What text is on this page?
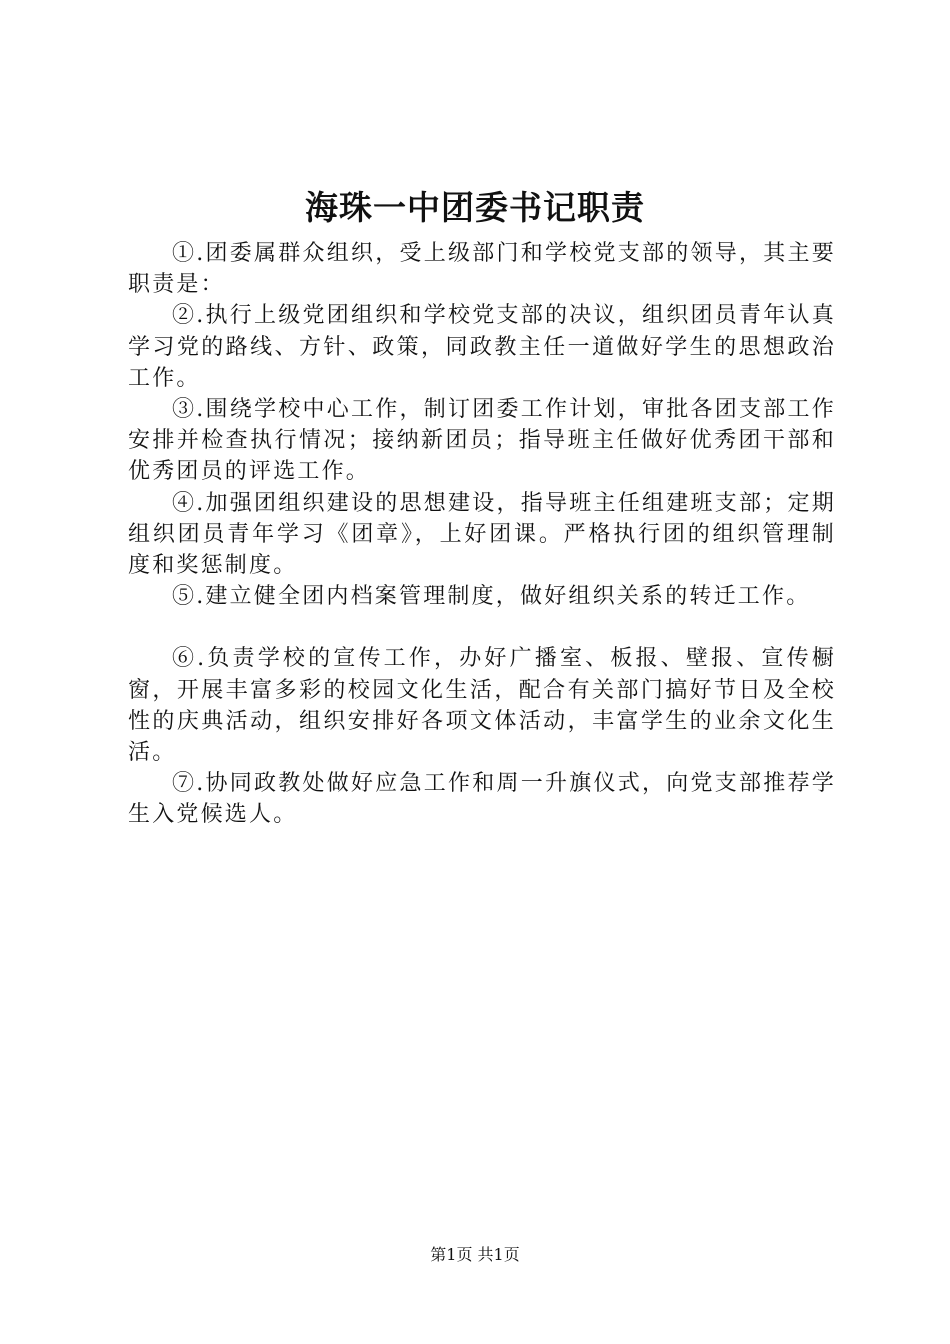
海珠一中团委书记职责

①.团委属群众组织，受上级部门和学校党支部的领导，其主要职责是：

②.执行上级党团组织和学校党支部的决议，组织团员青年认真学习党的路线、方针、政策，同政教主任一道做好学生的思想政治工作。

③.围绕学校中心工作，制订团委工作计划，审批各团支部工作安排并检查执行情况；接纳新团员；指导班主任做好优秀团干部和优秀团员的评选工作。

④.加强团组织建设的思想建设，指导班主任组建班支部；定期组织团员青年学习《团章》，上好团课。严格执行团的组织管理制度和奖惩制度。

⑤.建立健全团内档案管理制度，做好组织关系的转迁工作。

⑥.负责学校的宣传工作，办好广播室、板报、壁报、宣传橱窗，开展丰富多彩的校园文化生活，配合有关部门搞好节日及全校性的庆典活动，组织安排好各项文体活动，丰富学生的业余文化生活。

⑦.协同政教处做好应急工作和周一升旗仪式，向党支部推荐学生入党候选人。

第1页 共1页
